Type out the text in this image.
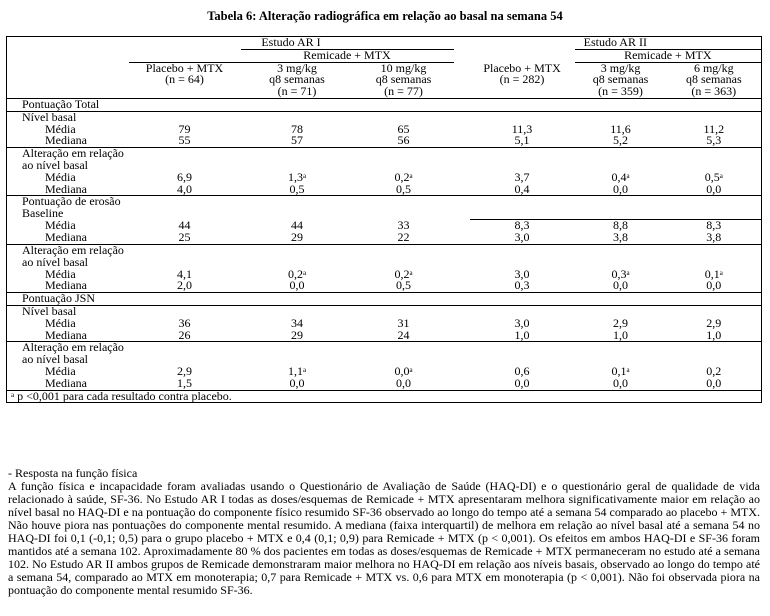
Tabela 6: Alteração radiográfica em relação ao basal na semana 54
	Estudo AR I				Estudo AR II		
		Remicade + MTX				Remicade + MTX	
	Placebo + MTX	3 mg/kg	10 mg/kg		Placebo + MTX	3 mg/kg	6 mg/kg
	(n = 64)	q8 semanas	q8 semanas		(n = 282)	q8 semanas	q8 semanas
		(n = 71)	(n = 77)			(n = 359)	(n = 363)
Pontuação Total							
Nível basal							
Média	79	78	65		11,3	11,6	11,2
Mediana	55	57	56		5,1	5,2	5,3
Alteração em relação							
ao nível basal							
Média	6,9	1,3$^a$	0,2$^a$		3,7	0,4$^a$	0,5$^a$
Mediana	4,0	0,5	0,5		0,4	0,0	0,0
Pontuação de erosão							
Baseline							
Média	44	44	33		8,3	8,8	8,3
Mediana	25	29	22		3,0	3,8	3,8
Alteração em relação							
ao nível basal							
Média	4,1	0,2$^a$	0,2$^a$		3,0	0,3$^a$	0,1$^a$
Mediana	2,0	0,0	0,5		0,3	0,0	0,0
Pontuação JSN							
Nível basal							
Média	36	34	31		3,0	2,9	2,9
Mediana	26	29	24		1,0	1,0	1,0
Alteração em relação							
ao nível basal							
Média	2,9	1,1$^a$	0,0$^a$		0,6	0,1$^a$	0,2
Mediana	1,5	0,0	0,0		0,0	0,0	0,0
$^a$ p <0,001 para cada resultado contra placebo.							

- Resposta na função física

A função física e incapacidade foram avaliadas usando o Questionário de Avaliação de Saúde (HAQ-DI) e o questionário geral de qualidade de vida relacionado à saúde, SF-36. No Estudo AR I todas as doses/esquemas de Remicade + MTX apresentaram melhora significativamente maior em relação ao nível basal no HAQ-DI e na pontuação do componente físico resumido SF-36 observado ao longo do tempo até a semana 54 comparado ao placebo + MTX. Não houve piora nas pontuações do componente mental resumido. A mediana (faixa interquartil) de melhora em relação ao nível basal até a semana 54 no HAQ-DI foi 0,1 (-0,1; 0,5) para o grupo placebo + MTX e 0,4 (0,1; 0,9) para Remicade + MTX (p < 0,001). Os efeitos em ambos HAQ-DI e SF-36 foram mantidos até a semana 102. Aproximadamente 80 % dos pacientes em todas as doses/esquemas de Remicade + MTX permaneceram no estudo até a semana 102. No Estudo AR II ambos grupos de Remicade demonstraram maior melhora no HAQ-DI em relação aos níveis basais, observado ao longo do tempo até a semana 54, comparado ao MTX em monoterapia; 0,7 para Remicade + MTX vs. 0,6 para MTX em monoterapia (p < 0,001). Não foi observada piora na pontuação do componente mental resumido SF-36.
